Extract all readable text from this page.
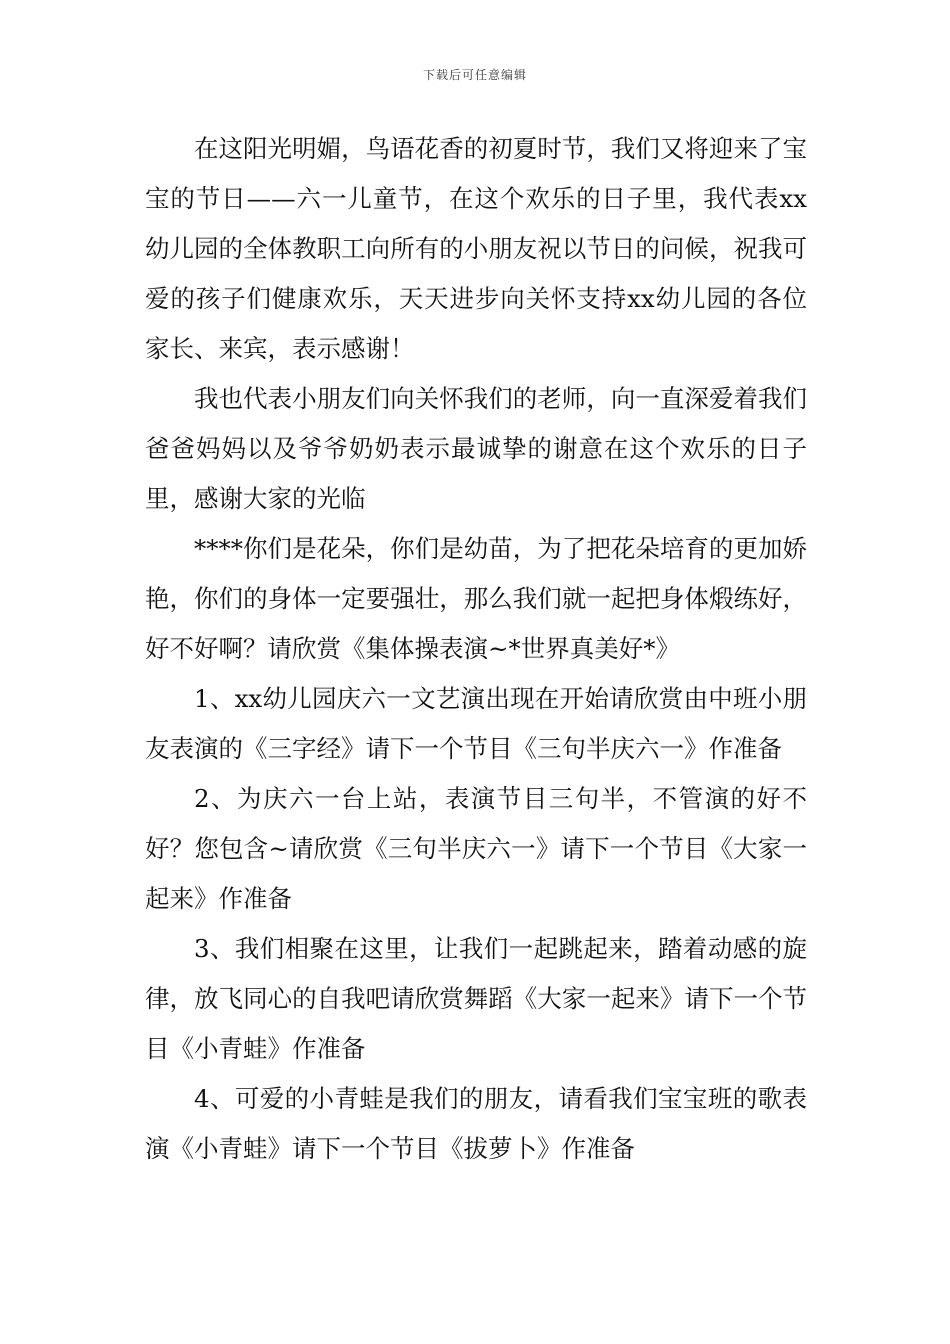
下载后可任意编辑

在这阳光明媚，鸟语花香的初夏时节，我们又将迎来了宝宝的节日——六一儿童节，在这个欢乐的日子里，我代表xx幼儿园的全体教职工向所有的小朋友祝以节日的问候，祝我可爱的孩子们健康欢乐，天天进步向关怀支持xx幼儿园的各位家长、来宾，表示感谢！

我也代表小朋友们向关怀我们的老师，向一直深爱着我们爸爸妈妈以及爷爷奶奶表示最诚挚的谢意在这个欢乐的日子里，感谢大家的光临

****你们是花朵，你们是幼苗，为了把花朵培育的更加娇艳，你们的身体一定要强壮，那么我们就一起把身体煅练好，好不好啊？请欣赏《集体操表演~*世界真美好*》

1、xx幼儿园庆六一文艺演出现在开始请欣赏由中班小朋友表演的《三字经》请下一个节目《三句半庆六一》作准备

2、为庆六一台上站，表演节目三句半，不管演的好不好？您包含~请欣赏《三句半庆六一》请下一个节目《大家一起来》作准备

3、我们相聚在这里，让我们一起跳起来，踏着动感的旋律，放飞同心的自我吧请欣赏舞蹈《大家一起来》请下一个节目《小青蛙》作准备

4、可爱的小青蛙是我们的朋友，请看我们宝宝班的歌表演《小青蛙》请下一个节目《拔萝卜》作准备
